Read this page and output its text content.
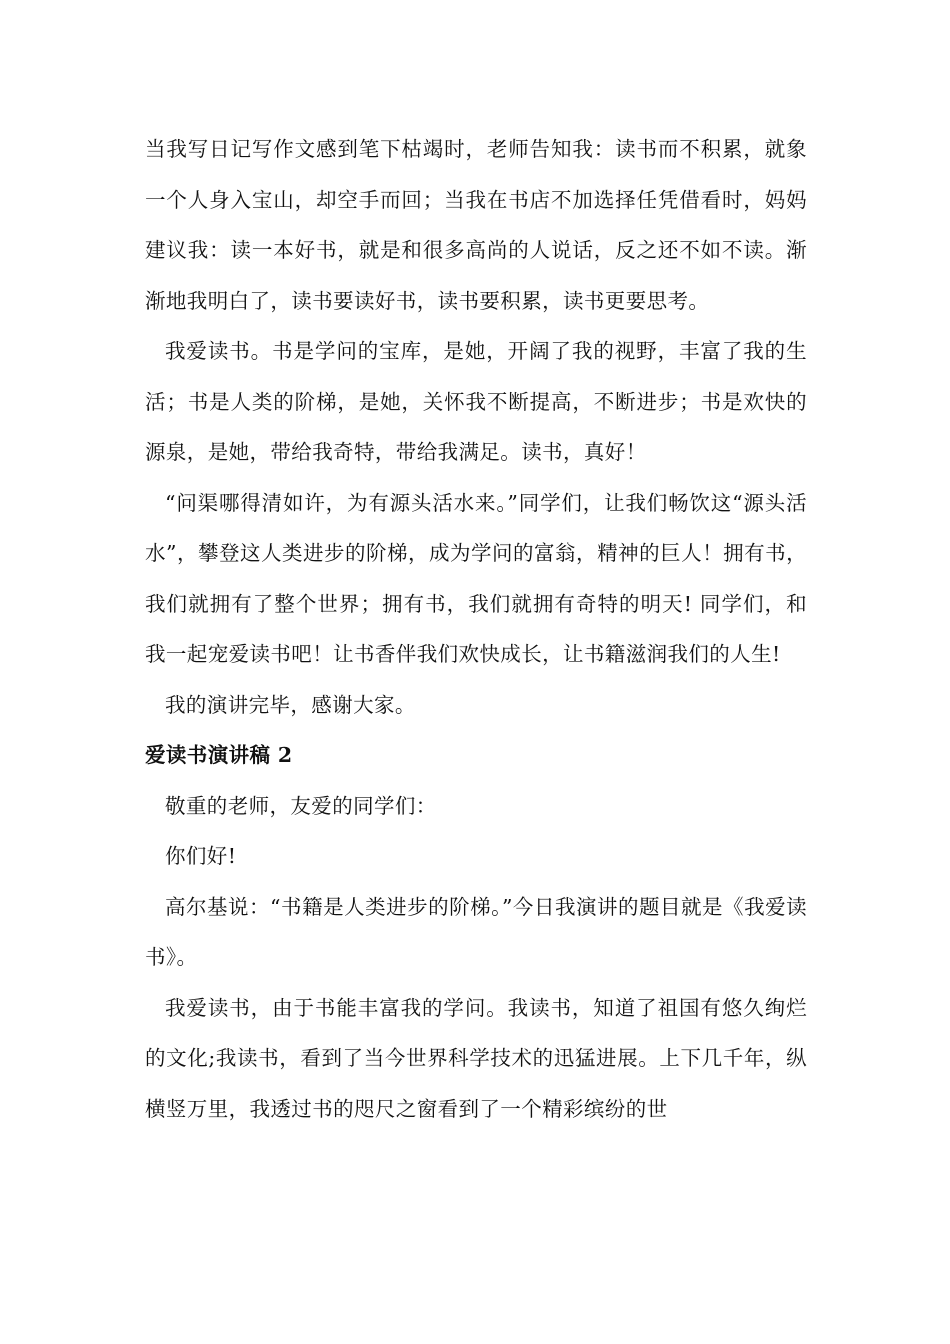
当我写日记写作文感到笔下枯竭时，老师告知我：读书而不积累，就象一个人身入宝山，却空手而回；当我在书店不加选择任凭借看时，妈妈建议我：读一本好书，就是和很多高尚的人说话，反之还不如不读。渐渐地我明白了，读书要读好书，读书要积累，读书更要思考。

我爱读书。书是学问的宝库，是她，开阔了我的视野，丰富了我的生活；书是人类的阶梯，是她，关怀我不断提高，不断进步；书是欢快的源泉，是她，带给我奇特，带给我满足。读书，真好！

“问渠哪得清如许，为有源头活水来。”同学们，让我们畅饮这“源头活水”，攀登这人类进步的阶梯，成为学问的富翁，精神的巨人！拥有书，我们就拥有了整个世界；拥有书，我们就拥有奇特的明天! 同学们，和我一起宠爱读书吧！让书香伴我们欢快成长，让书籍滋润我们的人生!

我的演讲完毕，感谢大家。

爱读书演讲稿 2

敬重的老师，友爱的同学们：

你们好!

高尔基说：“书籍是人类进步的阶梯。”今日我演讲的题目就是《我爱读书》。

我爱读书，由于书能丰富我的学问。我读书，知道了祖国有悠久绚烂的文化;我读书，看到了当今世界科学技术的迅猛进展。上下几千年，纵横竖万里，我透过书的咫尺之窗看到了一个精彩缤纷的世
